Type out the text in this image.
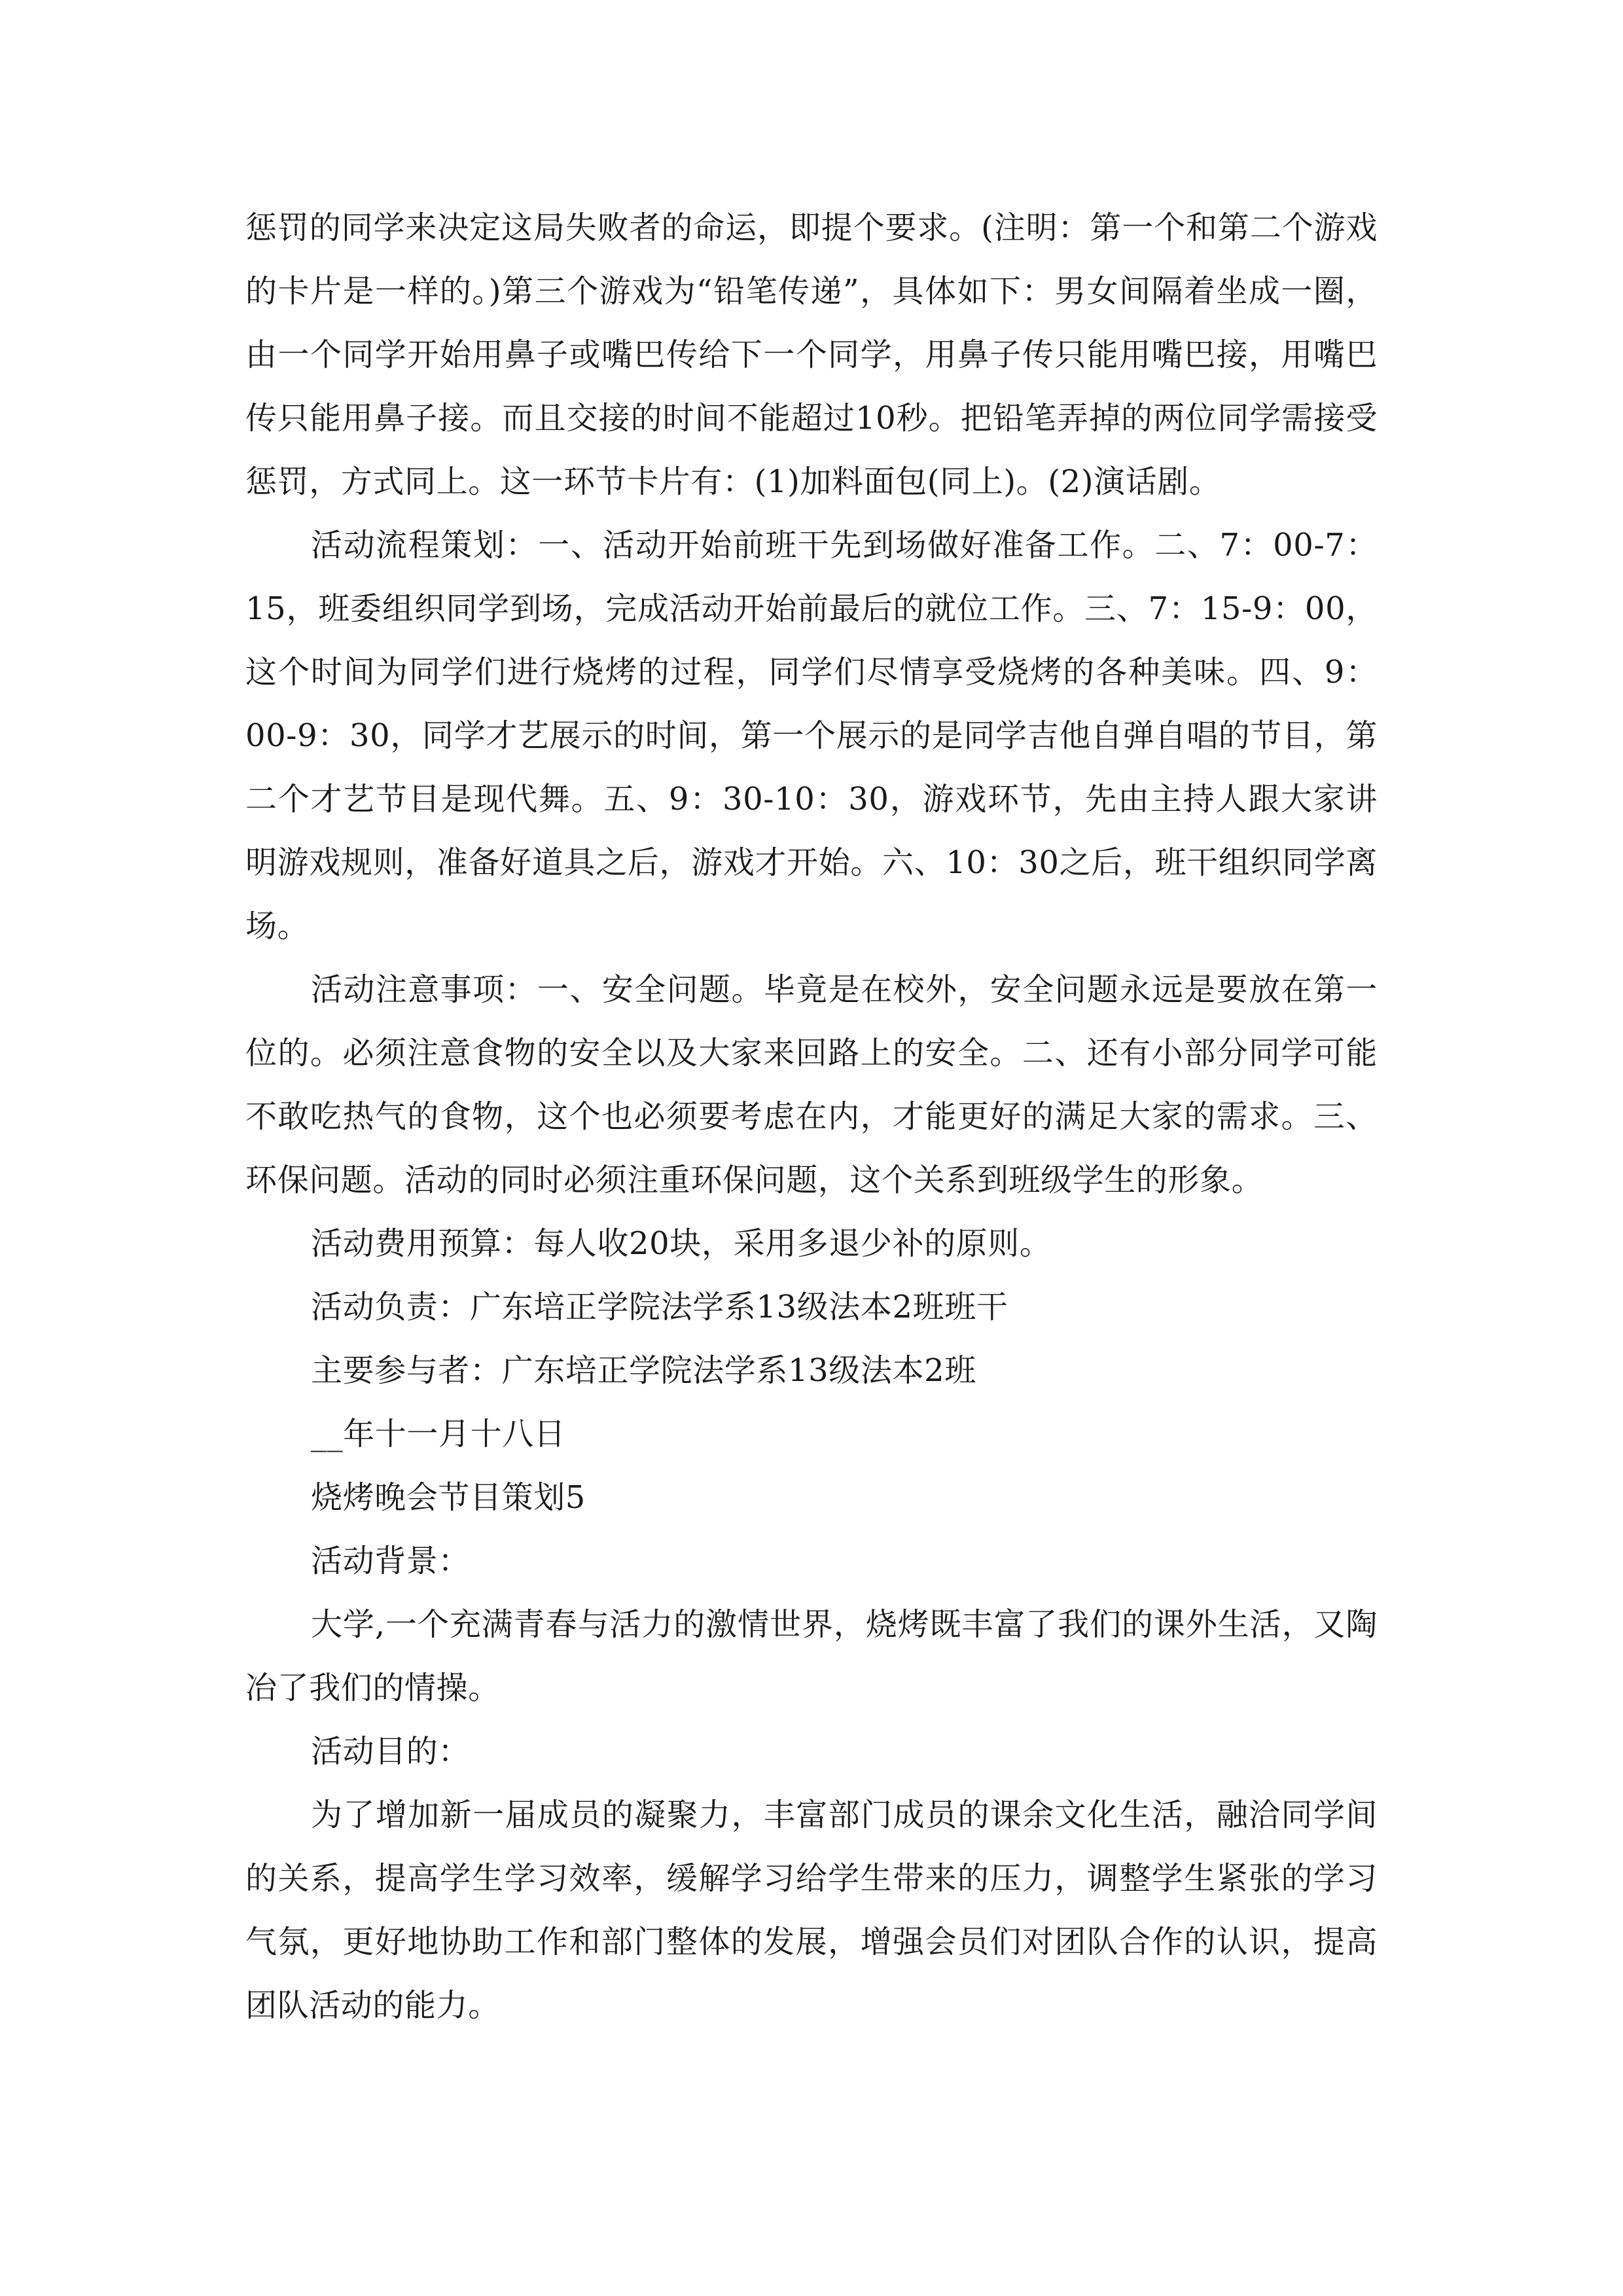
惩罚的同学来决定这局失败者的命运，即提个要求。(注明：第一个和第二个游戏的卡片是一样的。)第三个游戏为“铅笔传递”，具体如下：男女间隔着坐成一圈，由一个同学开始用鼻子或嘴巴传给下一个同学，用鼻子传只能用嘴巴接，用嘴巴传只能用鼻子接。而且交接的时间不能超过10秒。把铅笔弄掉的两位同学需接受惩罚，方式同上。这一环节卡片有：(1)加料面包(同上)。(2)演话剧。

活动流程策划：一、活动开始前班干先到场做好准备工作。二、7：00-7：15，班委组织同学到场，完成活动开始前最后的就位工作。三、7：15-9：00，这个时间为同学们进行烧烤的过程，同学们尽情享受烧烤的各种美味。四、9：00-9：30，同学才艺展示的时间，第一个展示的是同学吉他自弹自唱的节目，第二个才艺节目是现代舞。五、9：30-10：30，游戏环节，先由主持人跟大家讲明游戏规则，准备好道具之后，游戏才开始。六、10：30之后，班干组织同学离场。

活动注意事项：一、安全问题。毕竟是在校外，安全问题永远是要放在第一位的。必须注意食物的安全以及大家来回路上的安全。二、还有小部分同学可能不敢吃热气的食物，这个也必须要考虑在内，才能更好的满足大家的需求。三、环保问题。活动的同时必须注重环保问题，这个关系到班级学生的形象。

活动费用预算：每人收20块，采用多退少补的原则。

活动负责：广东培正学院法学系13级法本2班班干

主要参与者：广东培正学院法学系13级法本2班

__年十一月十八日

烧烤晚会节目策划5

活动背景：

大学,一个充满青春与活力的激情世界，烧烤既丰富了我们的课外生活，又陶冶了我们的情操。

活动目的：

为了增加新一届成员的凝聚力，丰富部门成员的课余文化生活，融洽同学间的关系，提高学生学习效率，缓解学习给学生带来的压力，调整学生紧张的学习气氛，更好地协助工作和部门整体的发展，增强会员们对团队合作的认识，提高团队活动的能力。
